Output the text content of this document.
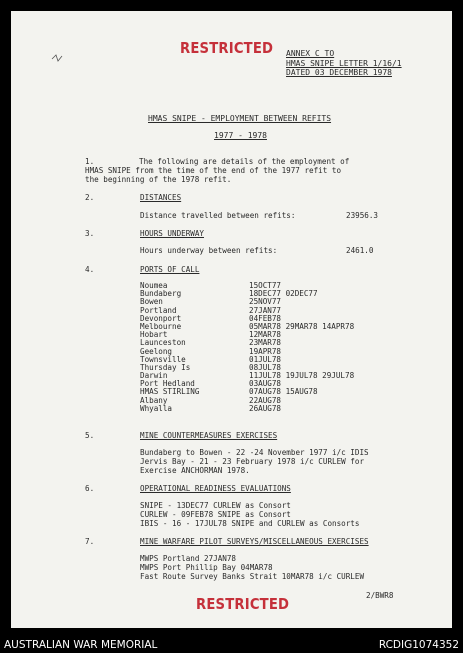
RESTRICTED ANNEX C TO
HMAS SNIPE LETTER 1/16/1
DATED 03 DECEMBER 1978
HMAS SNIPE - EMPLOYMENT BETWEEN REFITS
1977 - 1978
1.	The following are details of the employment of
HMAS SNIPE from the time of the end of the 1977 refit to
the beginning of the 1978 refit.
2.	DISTANCES
Distance travelled between refits:	23956.3
3.	HOURS UNDERWAY
Hours underway between refits:	2461.0
4.	PORTS OF CALL
Noumea	15OCT77
Bundaberg	18DEC77 02DEC77
Bowen	25NOV77
Portland	27JAN77
Devonport	04FEB78
Melbourne	05MAR78 29MAR78 14APR78
Hobart	12MAR78
Launceston	23MAR78
Geelong	19APR78
Townsville	01JUL78
Thursday Is	08JUL78
Darwin	11JUL78 19JUL78 29JUL78
Port Hedland	03AUG78
HMAS STIRLING	07AUG78 15AUG78
Albany	22AUG78
Whyalla	26AUG78
5.	MINE COUNTERMEASURES EXERCISES
Bundaberg to Bowen - 22 -24 November 1977 i/c IDIS
Jervis Bay - 21 - 23 February 1978 i/c CURLEW for
Exercise ANCHORMAN 1978.
6.	OPERATIONAL READINESS EVALUATIONS
SNIPE - 13DEC77 CURLEW as Consort
CURLEW - 09FEB78 SNIPE as Consort
IBIS - 16 - 17JUL78 SNIPE and CURLEW as Consorts
7.	MINE WARFARE PILOT SURVEYS/MISCELLANEOUS EXERCISES
MWPS Portland 27JAN78
MWPS Port Phillip Bay 04MAR78
Fast Route Survey Banks Strait 10MAR78 i/c CURLEW
2/BWR8
RESTRICTED
AUSTRALIAN WAR MEMORIAL	RCDIG1074352
